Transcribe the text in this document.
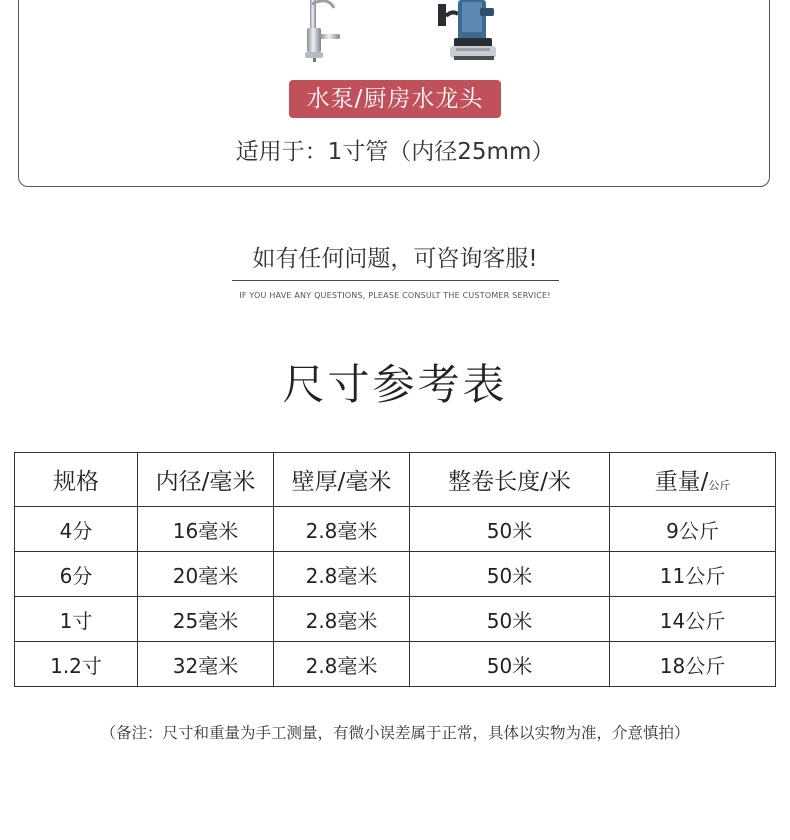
水泵/厨房水龙头
适用于：1寸管（内径25mm）
如有任何问题，可咨询客服!
IF YOU HAVE ANY QUESTIONS, PLEASE CONSULT THE CUSTOMER SERVICE!
尺寸参考表
规格	内径/毫米	壁厚/毫米	整卷长度/米	重量/公斤
4分	16毫米	2.8毫米	50米	9公斤
6分	20毫米	2.8毫米	50米	11公斤
1寸	25毫米	2.8毫米	50米	14公斤
1.2寸	32毫米	2.8毫米	50米	18公斤
（备注：尺寸和重量为手工测量，有微小误差属于正常，具体以实物为准，介意慎拍）
